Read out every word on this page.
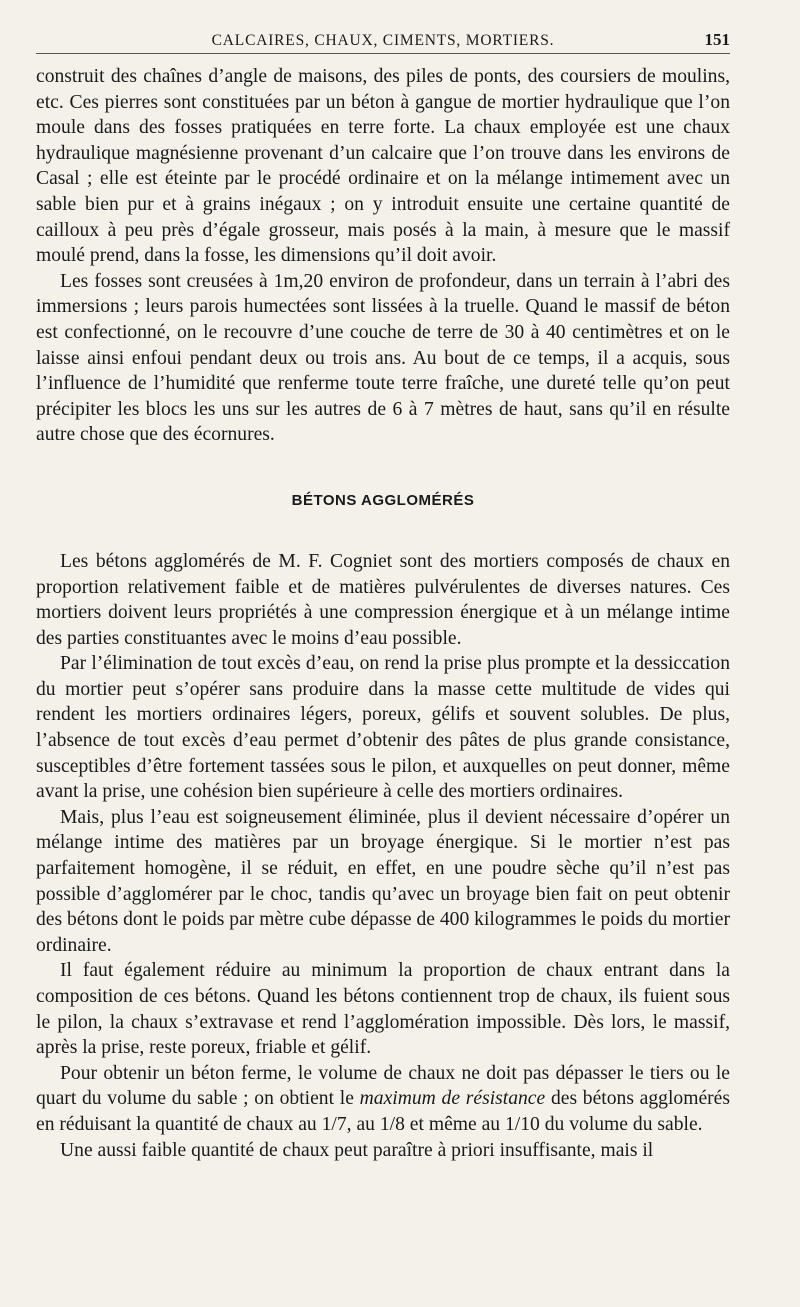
CALCAIRES, CHAUX, CIMENTS, MORTIERS.	151

construit des chaînes d’angle de maisons, des piles de ponts, des coursiers de moulins, etc. Ces pierres sont constituées par un béton à gangue de mortier hydraulique que l’on moule dans des fosses pratiquées en terre forte. La chaux employée est une chaux hydraulique magnésienne provenant d’un calcaire que l’on trouve dans les environs de Casal ; elle est éteinte par le procédé ordinaire et on la mélange intimement avec un sable bien pur et à grains inégaux ; on y introduit ensuite une certaine quantité de cailloux à peu près d’égale grosseur, mais posés à la main, à mesure que le massif moulé prend, dans la fosse, les dimensions qu’il doit avoir.

Les fosses sont creusées à 1m,20 environ de profondeur, dans un terrain à l’abri des immersions ; leurs parois humectées sont lissées à la truelle. Quand le massif de béton est confectionné, on le recouvre d’une couche de terre de 30 à 40 centimètres et on le laisse ainsi enfoui pendant deux ou trois ans. Au bout de ce temps, il a acquis, sous l’influence de l’humidité que renferme toute terre fraîche, une dureté telle qu’on peut précipiter les blocs les uns sur les autres de 6 à 7 mètres de haut, sans qu’il en résulte autre chose que des écornures.

BÉTONS AGGLOMÉRÉS

Les bétons agglomérés de M. F. Cogniet sont des mortiers composés de chaux en proportion relativement faible et de matières pulvérulentes de diverses natures. Ces mortiers doivent leurs propriétés à une compression énergique et à un mélange intime des parties constituantes avec le moins d’eau possible.

Par l’élimination de tout excès d’eau, on rend la prise plus prompte et la dessiccation du mortier peut s’opérer sans produire dans la masse cette multitude de vides qui rendent les mortiers ordinaires légers, poreux, gélifs et souvent solubles. De plus, l’absence de tout excès d’eau permet d’obtenir des pâtes de plus grande consistance, susceptibles d’être fortement tassées sous le pilon, et auxquelles on peut donner, même avant la prise, une cohésion bien supérieure à celle des mortiers ordinaires.

Mais, plus l’eau est soigneusement éliminée, plus il devient nécessaire d’opérer un mélange intime des matières par un broyage énergique. Si le mortier n’est pas parfaitement homogène, il se réduit, en effet, en une poudre sèche qu’il n’est pas possible d’agglomérer par le choc, tandis qu’avec un broyage bien fait on peut obtenir des bétons dont le poids par mètre cube dépasse de 400 kilogrammes le poids du mortier ordinaire.

Il faut également réduire au minimum la proportion de chaux entrant dans la composition de ces bétons. Quand les bétons contiennent trop de chaux, ils fuient sous le pilon, la chaux s’extravase et rend l’agglomération impossible. Dès lors, le massif, après la prise, reste poreux, friable et gélif.

Pour obtenir un béton ferme, le volume de chaux ne doit pas dépasser le tiers ou le quart du volume du sable ; on obtient le maximum de résistance des bétons agglomérés en réduisant la quantité de chaux au 1/7, au 1/8 et même au 1/10 du volume du sable.

Une aussi faible quantité de chaux peut paraître à priori insuffisante, mais il
